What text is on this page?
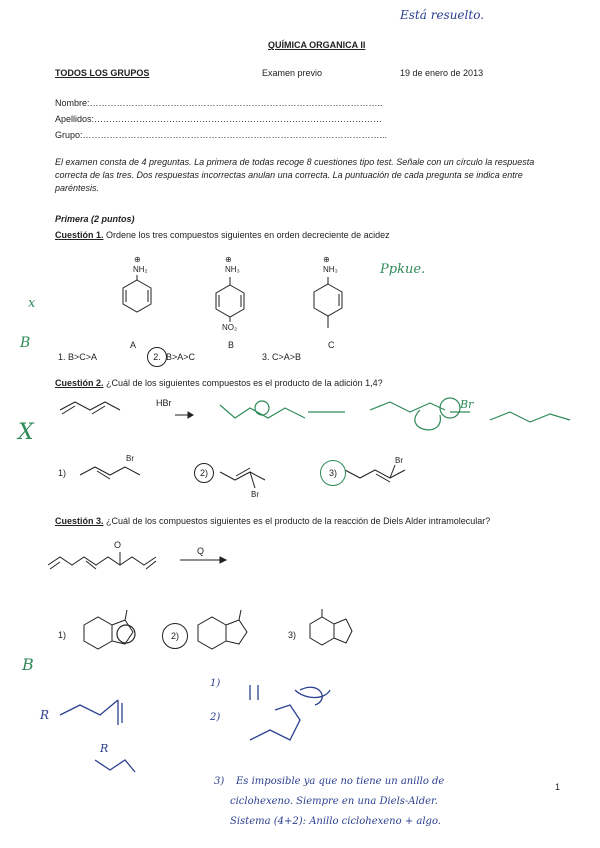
Está resuelto.
QUÍMICA ORGANICA II
TODOS LOS GRUPOS	Examen previo	19 de enero de 2013
Nombre:……………………………………………………………………………………..
Apellidos:……………………………………………………………………………………
Grupo:………………………………………………………………………………………...
El examen consta de 4 preguntas. La primera de todas recoge 8 cuestiones tipo test. Señale con un círculo la respuesta correcta de las tres. Dos respuestas incorrectas anulan una correcta. La puntuación de cada pregunta se indica entre paréntesis.
Primera (2 puntos)
Cuestión 1. Ordene los tres compuestos siguientes en orden decreciente de acidez
⊕
NH₂
⊕
NH₃
⊕
NH₃
NO₂
A	B	C
1. B>C>A	2. B>A>C	3. C>A>B
Ppkue.
x
B
Cuestión 2. ¿Cuál de los siguientes compuestos es el producto de la adición 1,4?
HBr	Br
X
1)
Br
2)
Br
3)
Br
Cuestión 3. ¿Cuál de los compuestos siguientes es el producto de la reacción de Diels Alder intramolecular?
O
Q
1)	2)	3)
B
1)
2)
R
R
3) Es imposible ya que no tiene un anillo de
ciclohexeno. Siempre en una Diels-Alder.
Sistema (4+2): Anillo ciclohexeno + algo.
1
